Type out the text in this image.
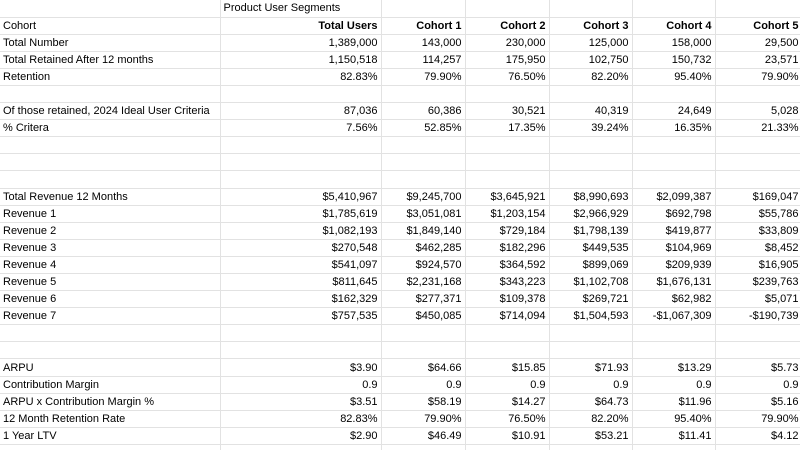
	Product User Segments					

Cohort	Total Users	Cohort 1	Cohort 2	Cohort 3	Cohort 4	Cohort 5
Total Number	1,389,000	143,000	230,000	125,000	158,000	29,500
Total Retained After 12 months	1,150,518	114,257	175,950	102,750	150,732	23,571
Retention	82.83%	79.90%	76.50%	82.20%	95.40%	79.90%

Of those retained, 2024 Ideal User Criteria	87,036	60,386	30,521	40,319	24,649	5,028
% Critera	7.56%	52.85%	17.35%	39.24%	16.35%	21.33%

Total Revenue 12 Months	$5,410,967	$9,245,700	$3,645,921	$8,990,693	$2,099,387	$169,047
Revenue 1	$1,785,619	$3,051,081	$1,203,154	$2,966,929	$692,798	$55,786
Revenue 2	$1,082,193	$1,849,140	$729,184	$1,798,139	$419,877	$33,809
Revenue 3	$270,548	$462,285	$182,296	$449,535	$104,969	$8,452
Revenue 4	$541,097	$924,570	$364,592	$899,069	$209,939	$16,905
Revenue 5	$811,645	$2,231,168	$343,223	$1,102,708	$1,676,131	$239,763
Revenue 6	$162,329	$277,371	$109,378	$269,721	$62,982	$5,071
Revenue 7	$757,535	$450,085	$714,094	$1,504,593	-$1,067,309	-$190,739

ARPU	$3.90	$64.66	$15.85	$71.93	$13.29	$5.73
Contribution Margin	0.9	0.9	0.9	0.9	0.9	0.9
ARPU x Contribution Margin %	$3.51	$58.19	$14.27	$64.73	$11.96	$5.16
12 Month Retention Rate	82.83%	79.90%	76.50%	82.20%	95.40%	79.90%
1 Year LTV	$2.90	$46.49	$10.91	$53.21	$11.41	$4.12
